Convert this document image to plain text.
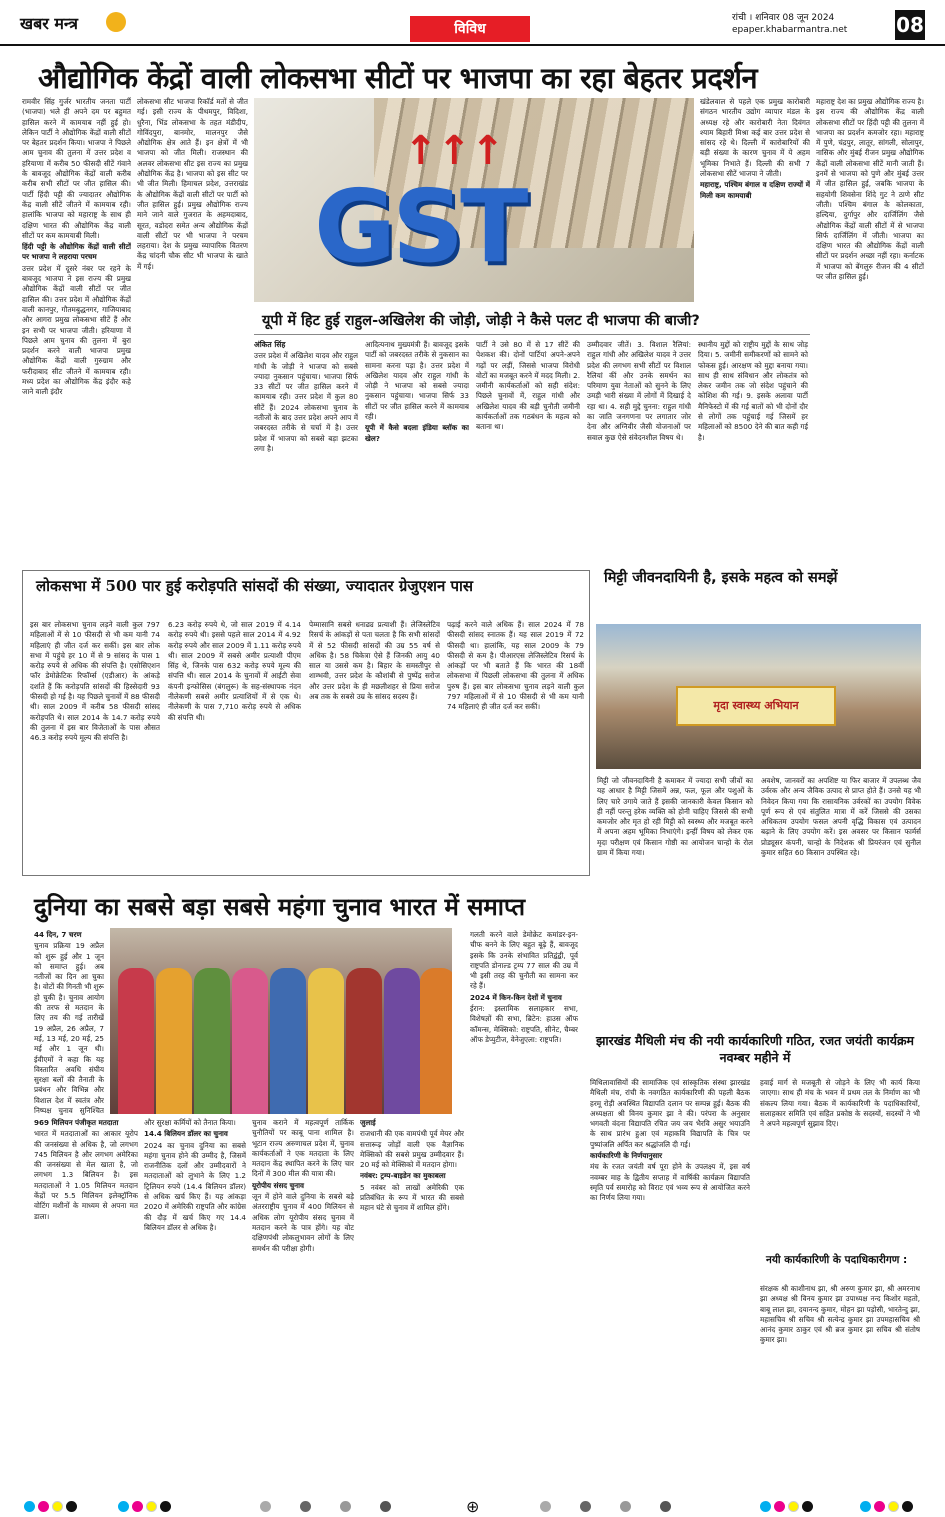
खबर मन्त्र	विविध
रांची । शनिवार 08 जून 2024
epaper.khabarmantra.net 08
औद्योगिक केंद्रों वाली लोकसभा सीटों पर भाजपा का रहा बेहतर प्रदर्शन

रामवीर सिंह गुर्जर भारतीय जनता पार्टी (भाजपा) भले ही अपने दम पर बहुमत हासिल करने में कामयाब नहीं हुई हो। लेकिन पार्टी ने औद्योगिक केंद्रों वाली सीटों पर बेहतर प्रदर्शन किया। भाजपा ने पिछले आम चुनाव की तुलना में उत्तर प्रदेश व हरियाणा में करीब 50 फीसदी सीटें गंवाने के बावजूद औद्योगिक केंद्रों वाली करीब करीब सभी सीटों पर जीत हासिल की। पार्टी हिंदी पट्टी की ज्यादातर औद्योगिक केंद्र वाली सीटें जीतने में कामयाब रही। हालांकि भाजपा को महाराष्ट्र के साथ ही दक्षिण भारत की औद्योगिक केंद्र वाली सीटों पर कम कामयाबी मिली।

हिंदी पट्टी के औद्योगिक केंद्रों वाली सीटों पर भाजपा ने लहराया परचम

उत्तर प्रदेश में दूसरे नंबर पर रहने के बावजूद भाजपा ने इस राज्य की प्रमुख औद्योगिक केंद्रों वाली सीटों पर जीत हासिल की। उत्तर प्रदेश में औद्योगिक केंद्रों वाली कानपुर, गौतमबुद्धनगर, गाजियाबाद और आगरा प्रमुख लोकसभा सीटें हैं और इन सभी पर भाजपा जीती। हरियाणा में पिछले आम चुनाव की तुलना में बुरा प्रदर्शन करने वाली भाजपा प्रमुख औद्योगिक केंद्रों वाली गुरुग्राम और फरीदाबाद सीट जीतने में कामयाब रही। मध्य प्रदेश का औद्योगिक केंद्र इंदौर कहे जाने वाली इंदौर

लोकसभा सीट भाजपा रिकॉर्ड मतों से जीत गई। इसी राज्य के पीथमपुर, विदिशा, धुरैना, भिंड लोकसभा के तहत मंडीदीप, गोविंदपुरा, बानमोर, मालनपुर जैसे औद्योगिक क्षेत्र आते हैं। इन क्षेत्रों में भी भाजपा को जीत मिली। राजस्थान की अलवर लोकसभा सीट इस राज्य का प्रमुख औद्योगिक केंद्र है। भाजपा को इस सीट पर भी जीत मिली। हिमाचल प्रदेश, उत्तराखंड के औद्योगिक केंद्रों वाली सीटों पर पार्टी को जीत हासिल हुई। प्रमुख औद्योगिक राज्य माने जाने वाले गुजरात के अहमदाबाद, सूरत, वडोदरा समेत अन्य औद्योगिक केंद्रों वाली सीटों पर भी भाजपा ने परचम लहराया। देश के प्रमुख व्यापारिक वितरण केंद्र चांदनी चौक सीट भी भाजपा के खाते में गई।

↑↑↑
GST

खंडेलवाल से पहले एक प्रमुख कारोबारी संगठन भारतीय उद्योग व्यापार मंडल के अध्यक्ष रहे और कारोबारी नेता दिवंगत श्याम बिहारी मिश्रा कई बार उत्तर प्रदेश से सांसद रहे थे। दिल्ली में कारोबारियों की बड़ी संख्या के कारण चुनाव में ये अहम भूमिका निभाते हैं। दिल्ली की सभी 7 लोकसभा सीटें भाजपा ने जीती।

महाराष्ट्र, पश्चिम बंगाल व दक्षिण राज्यों में मिली कम कामयाबी

महाराष्ट्र देश का प्रमुख औद्योगिक राज्य है। इस राज्य की औद्योगिक केंद्र वाली लोकसभा सीटों पर हिंदी पट्टी की तुलना में भाजपा का प्रदर्शन कमजोर रहा। महाराष्ट्र में पुणे, चंद्रपुर, लातूर, सांगली, सोलापुर, नासिक और मुंबई रीजन प्रमुख औद्योगिक केंद्रों वाली लोकसभा सीटें मानी जाती हैं। इनमें से भाजपा को पुणे और मुंबई उत्तर में जीत हासिल हुई, जबकि भाजपा के सहयोगी शिवसेना शिंदे गुट ने ठाणे सीट जीती। पश्चिम बंगाल के कोलकाता, हल्दिया, दुर्गापुर और दार्जिलिंग जैसे औद्योगिक केंद्रों वाली सीटों में से भाजपा सिर्फ दार्जिलिंग में जीती। भाजपा का दक्षिण भारत की औद्योगिक केंद्रों वाली सीटों पर प्रदर्शन अच्छा नहीं रहा। कर्नाटक में भाजपा को बेंगलुरु रीजन की 4 सीटों पर जीत हासिल हुई।

यूपी में हिट हुई राहुल-अखिलेश की जोड़ी, जोड़ी ने कैसे पलट दी भाजपा की बाजी?

अंकित सिंह

उत्तर प्रदेश में अखिलेश यादव और राहुल गांधी के जोड़ी ने भाजपा को सबसे ज्यादा नुकसान पहुंचाया। भाजपा सिर्फ 33 सीटों पर जीत हासिल करने में कामयाब रही। उत्तर प्रदेश में कुल 80 सीटें हैं। 2024 लोकसभा चुनाव के नतीजों के बाद उत्तर प्रदेश अपने आप में जबरदस्त तरीके से चर्चा में है। उत्तर प्रदेश में भाजपा को सबसे बड़ा झटका लगा है।

आदित्यनाथ मुख्यमंत्री हैं। बावजूद इसके पार्टी को जबरदस्त तरीके से नुकसान का सामना करना पड़ा है। उत्तर प्रदेश में अखिलेश यादव और राहुल गांधी के जोड़ी ने भाजपा को सबसे ज्यादा नुकसान पहुंचाया। भाजपा सिर्फ 33 सीटों पर जीत हासिल करने में कामयाब रही।

यूपी में कैसे बदला इंडिया ब्लॉक का खेल?

पार्टी ने उसे 80 में से 17 सीटें की पेशकश की। दोनों पार्टियां अपने-अपने गढ़ों पर लड़ीं, जिससे भाजपा विरोधी वोटों का मजबूत करने में मदद मिली। 2. जमीनी कार्यकर्ताओं को सही संदेश: पिछले चुनावों में, राहुल गांधी और अखिलेश यादव की बड़ी चुनौती जमीनी कार्यकर्ताओं तक गठबंधन के महत्व को बताना था।

उम्मीदवार जीतें। 3. विशाल रैलियां: राहुल गांधी और अखिलेश यादव ने उत्तर प्रदेश की लगभग सभी सीटों पर विशाल रैलियां कीं और उनके समर्थन का परिमाण युवा नेताओं को सुनने के लिए उमड़ी भारी संख्या में लोगों में दिखाई दे रहा था। 4. सही मुद्दे चुनना: राहुल गांधी का जाति जनगणना पर लगातार जोर देना और अग्निवीर जैसी योजनाओं पर सवाल कुछ ऐसे संवेदनशील विषय थे।

स्थानीय मुद्दों को राष्ट्रीय मुद्दों के साथ जोड़ दिया। 5. जमीनी समीकरणों को सामने को फोकस हुई। आरक्षण को मुद्दा बनाया गया। साथ ही साथ संविधान और लोकतंत्र को लेकर जमीन तक जो संदेश पहुंचाने की कोशिश की गई। 9. इसके अलावा पार्टी मैनिफेस्टो में की गई बातों को भी दोनों दौर से लोगों तक पहुंचाई गई जिसमें हर महिलाओं को 8500 देने की बात कही गई है।

लोकसभा में 500 पार हुई करोड़पति सांसदों की संख्या, ज्यादातर ग्रेजुएशन पास

इस बार लोकसभा चुनाव लड़ने वाली कुल 797 महिलाओं में से 10 फीसदी से भी कम यानी 74 महिलाएं ही जीत दर्ज कर सकीं। इस बार लोक सभा में पहुंचे हर 10 में से 9 सांसद के पास 1 करोड़ रुपये से अधिक की संपत्ति है। एसोसिएशन फॉर डेमोक्रेटिक रिफॉर्म्स (एडीआर) के आंकड़े दर्शाते हैं कि करोड़पति सांसदों की हिस्सेदारी 93 फीसदी हो गई है। यह पिछले चुनावों में 88 फीसदी थी। साल 2009 में करीब 58 फीसदी सांसद करोड़पति थे। साल 2014 के 14.7 करोड़ रुपये की तुलना में इस बार विजेताओं के पास औसत 46.3 करोड़ रुपये मूल्य की संपत्ति है।

6.23 करोड़ रुपये थे, जो साल 2019 में 4.14 करोड़ रुपये थी। इससे पहले साल 2014 में 4.92 करोड़ रुपये और साल 2009 में 1.11 करोड़ रुपये थी। साल 2009 में सबसे अमीर प्रत्याशी पीएम सिंह थे, जिनके पास 632 करोड़ रुपये मूल्य की संपत्ति थी। साल 2014 के चुनावों में आईटी सेवा कंपनी इन्फोसिस (बंगलुरू) के सह-संस्थापक नंदन नीलेकणी सबसे अमीर प्रत्याशियों में से एक थे। नीलेकणी के पास 7,710 करोड़ रुपये से अधिक की संपत्ति थी।

पेम्मासानि सबसे धनाढ्य प्रत्याशी हैं। लेजिस्लेटिव रिसर्च के आंकड़ों से पता चलता है कि सभी सांसदों में से 52 फीसदी सांसदों की उम्र 55 वर्ष से अधिक है। 58 चिकेत्रा ऐसे हैं जिनकी आयु 40 साल या उससे कम है। बिहार के समस्तीपुर से शाम्भवी, उत्तर प्रदेश के कौशांबी से पुष्पेंद्र सरोज और उत्तर प्रदेश के ही मछलीशहर से प्रिया सरोज अब तक के सबसे उम्र के सांसद सदस्य हैं।

पढ़ाई करने वाले अधिक हैं। साल 2024 में 78 फीसदी सांसद स्नातक हैं। यह साल 2019 में 72 फीसदी था। हालांकि, यह साल 2009 के 79 फीसदी से कम है। पीआरएस लेजिस्लेटिव रिसर्च के आंकड़ों पर भी बताते हैं कि भारत की 18वीं लोकसभा में पिछली लोकसभा की तुलना में अधिक पुरुष हैं। इस बार लोकसभा चुनाव लड़ने वाली कुल 797 महिलाओं में से 10 फीसदी से भी कम यानी 74 महिलाएं ही जीत दर्ज कर सकीं।

मिट्टी जीवनदायिनी है, इसके महत्व को समझें
मृदा स्वास्थ्य अभियान

मिट्टी जो जीवनदायिनी है कमाकर में ज्यादा सभी जीवों का यह आधार है मिट्टी जिसमें अन्न, फल, फूल और पशुओं के लिए चारे उगाये जाते हैं इसकी जानकारी केवल किसान को ही नहीं परन्तु हरेक व्यक्ति को होनी चाहिए जिससे की सभी कमजोर और मृत हो रही मिट्टी को स्वस्थ्य और मजबूत करने में अपना अहम भूमिका निभाएंगे। इन्हीं विषय को लेकर एक मृदा परीक्षण एवं किसान गोष्ठी का आयोजन चान्हो के रोल ग्राम में किया गया।

अवशेष, जानवरों का अपशिष्ट या फिर बाजार में उपलब्ध जैव उर्वरक और अन्य जैविक उत्पाद से प्राप्त होते हैं। उनसे यह भी निवेदन किया गया कि रासायनिक उर्वरकों का उपयोग विवेक पूर्ण रूप से एवं संतुलित मात्रा में करें जिससे की उसका अधिकतम उपयोग फसल अपनी वृद्धि विकास एवं उत्पादन बढ़ाने के लिए उपयोग करें। इस अवसर पर किसान फार्मर्स प्रोड्यूसर कंपनी, चान्हो के निदेशक श्री प्रियरंजन एवं सुनील कुमार सहित 60 किसान उपस्थित रहे।

दुनिया का सबसे बड़ा सबसे महंगा चुनाव भारत में समाप्त

44 दिन, 7 चरण

चुनाव प्रक्रिया 19 अप्रैल को शुरू हुई और 1 जून को समाप्त हुई। अब नतीजों का दिन आ चुका है। वोटों की गिनती भी शुरू हो चुकी है। चुनाव आयोग की तरफ से मतदान के लिए तय की गई तारीखें 19 अप्रैल, 26 अप्रैल, 7 मई, 13 मई, 20 मई, 25 मई और 1 जून थी। ईवीएमों ने कहा कि यह विस्तारित अवधि संघीय सुरक्षा बलों की तैनाती के प्रबंधन और विभिन्न और विशाल देश में स्वतंत्र और निष्पक्ष चुनाव सुनिश्चित

969 मिलियन पंजीकृत मतदाता

भारत में मतदाताओं का आकार यूरोप की जनसंख्या से अधिक है, जो लगभग 745 मिलियन है और लगभग अमेरिका की जनसंख्या से मेल खाता है, जो लगभग 1.3 बिलियन है। इस मतदाताओं ने 1.05 मिलियन मतदान केंद्रों पर 5.5 मिलियन इलेक्ट्रॉनिक वोटिंग मशीनों के माध्यम से अपना मत डाला।

और सुरक्षा कर्मियों को तैनात किया।

14.4 बिलियन डॉलर का चुनाव

2024 का चुनाव दुनिया का सबसे महंगा चुनाव होने की उम्मीद है, जिसमें राजनीतिक दलों और उम्मीदवारों ने मतदाताओं को लुभाने के लिए 1.2 ट्रिलियन रुपये (14.4 बिलियन डॉलर) से अधिक खर्च किए हैं। यह आंकड़ा 2020 में अमेरिकी राष्ट्रपति और कांग्रेस की दौड़ में खर्च किए गए 14.4 बिलियन डॉलर से अधिक है।

चुनाव कराने में महत्वपूर्ण तार्किक चुनौतियों पर काबू पाना शामिल है। भूटान राज्य अरुणाचल प्रदेश में, चुनाव कार्यकर्ताओं ने एक मतदाता के लिए मतदान केंद्र स्थापित करने के लिए चार दिनों में 300 मील की यात्रा की।

यूरोपीय संसद चुनाव

जून में होने वाले दुनिया के सबसे बड़े अंतरराष्ट्रीय चुनाव में 400 मिलियन से अधिक लोग यूरोपीय संसद चुनाव में मतदान करने के पात्र होंगे। यह वोट दक्षिणपंथी लोकलुभावन लोगों के लिए समर्थन की परीक्षा होगी।

जुलाई

राजधानी की एक वामपंथी पूर्व मेयर और सत्तारूढ़ जोड़ों वाली एक वैज्ञानिक मेक्सिको की सबसे प्रमुख उम्मीदवार हैं। 20 मई को मेक्सिको में मतदान होगा।

नवंबर: ट्रम्प-बाइडेन का मुकाबला

5 नवंबर को लाखों अमेरिकी एक प्रतिबंधित के रूप में भारत की सबसे महान घंटे से चुनाव में शामिल होंगे।

गलती करने वाले डेमोक्रेट कमांडर-इन-चीफ बनने के लिए बहुत बूढ़े हैं, बावजूद इसके कि उनके संभावित प्रतिद्वंद्वी, पूर्व राष्ट्रपति डोनाल्ड ट्रम्प 77 साल की उम्र में भी इसी तरह की चुनौती का सामना कर रहे हैं।

2024 में किन-किन देशों में चुनाव

ईरान: इस्लामिक सलाहकार सभा, विशेषज्ञों की सभा, ब्रिटेन: हाउस ऑफ कॉमन्स, मेक्सिको: राष्ट्रपति, सीनेट, चैम्बर ऑफ डेप्युटीज, वेनेजुएला: राष्ट्रपति।	झारखंड मैथिली मंच की नयी कार्यकारिणी गठित, रजत जयंती कार्यक्रम नवम्बर महीने में

मिथिलावासियों की सामाजिक एवं सांस्कृतिक संस्था झारखंड मैथिली मंच, रांची के नवगठित कार्यकारिणी की पहली बैठक हरमू रोड़ी अवस्थित विद्यापति दलान पर सम्पन्न हुई। बैठक की अध्यक्षता श्री विनय कुमार झा ने की। परंपरा के अनुसार भगवती वंदना विद्यापति रचित जय जय भैरवि असुर भयाउनि के साथ प्रारंभ हुआ एवं महाकवि विद्यापति के चित्र पर पुष्पांजलि अर्पित कर श्रद्धांजलि दी गई।

कार्यकारिणी के निर्णयानुसार

मंच के रजत जयंती वर्ष पूरा होने के उपलक्ष्य में, इस वर्ष नवम्बर माह के द्वितीय सप्ताह में वार्षिकी कार्यक्रम विद्यापति स्मृति पर्व समारोह को विराट एवं भव्य रूप से आयोजित करने का निर्णय लिया गया।

हवाई मार्ग से मजबूती से जोड़ने के लिए भी कार्य किया जाएगा। साथ ही मंच के भवन में प्रथम तल के निर्माण का भी संकल्प लिया गया। बैठक में कार्यकारिणी के पदाधिकारियों, सलाहकार समिति एवं सहित प्रकोष्ठ के सदस्यों, सदस्यों ने भी ने अपने महत्वपूर्ण सुझाव दिए।

नयी कार्यकारिणी के पदाधिकारीगण :

संरक्षक श्री काशीनाथ झा, श्री अरुण कुमार झा, श्री अमरनाथ झा अध्यक्ष श्री विनय कुमार झा उपाध्यक्ष नन्द किशोर महतो, बाबू लाल झा, दयानन्द कुमार, मोहन झा पड़ोसी, भारतेन्दु झा, महासचिव श्री सचिव श्री सत्येन्द्र कुमार झा उपमहासचिव श्री आनंद कुमार ठाकुर एवं श्री ब्रज कुमार झा सचिव श्री संतोष कुमार झा।

⊕
